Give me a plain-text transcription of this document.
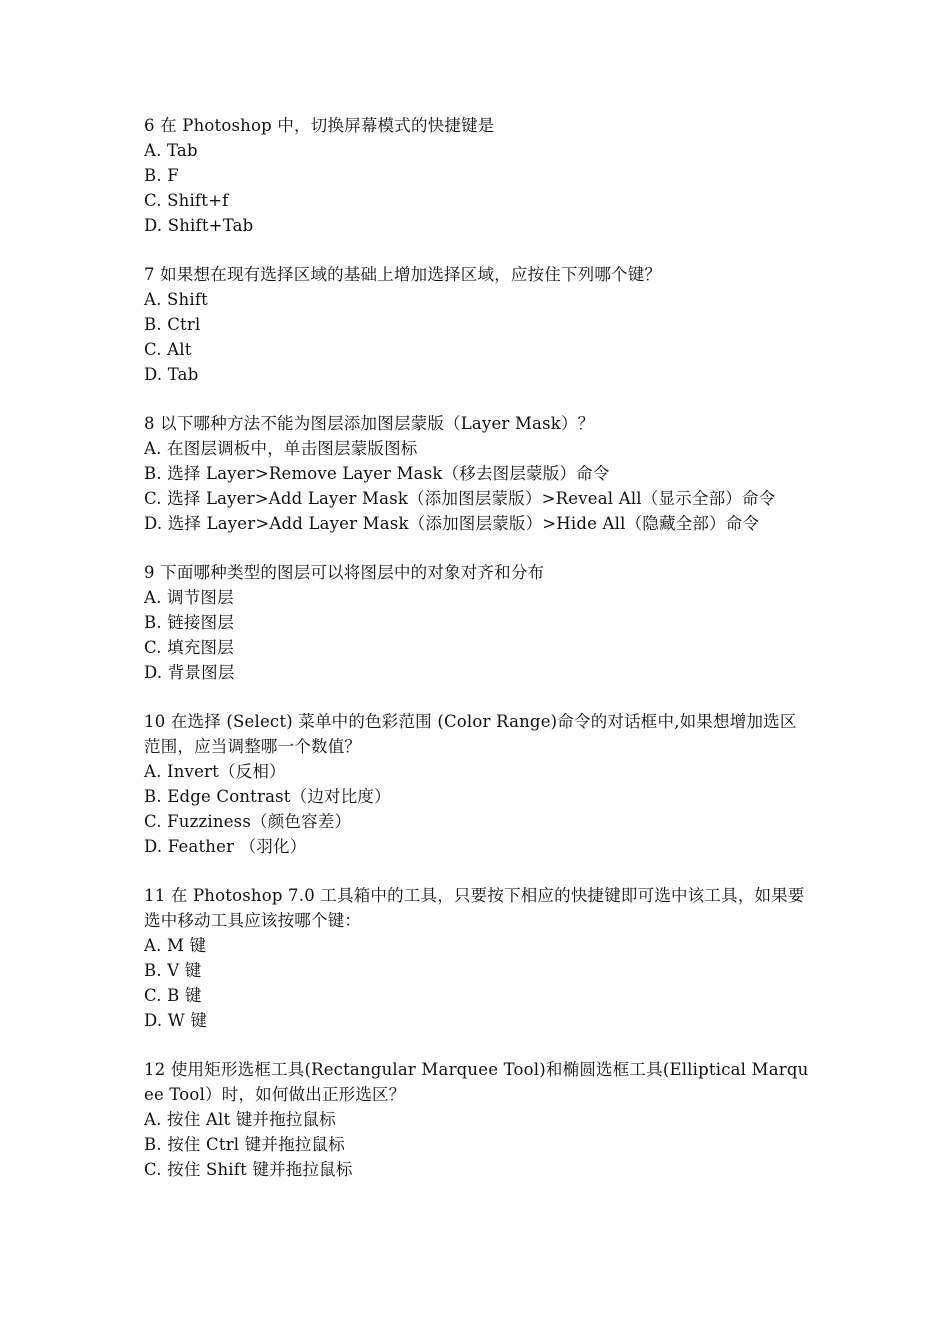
6 在 Photoshop 中，切换屏幕模式的快捷键是
A. Tab
B. F
C. Shift+f
D. Shift+Tab
7 如果想在现有选择区域的基础上增加选择区域，应按住下列哪个键？
A. Shift
B. Ctrl
C. Alt
D. Tab
8 以下哪种方法不能为图层添加图层蒙版（Layer Mask）？
A. 在图层调板中，单击图层蒙版图标
B. 选择 Layer>Remove Layer Mask（移去图层蒙版）命令
C. 选择 Layer>Add Layer Mask（添加图层蒙版）>Reveal All（显示全部）命令
D. 选择 Layer>Add Layer Mask（添加图层蒙版）>Hide All（隐藏全部）命令
9 下面哪种类型的图层可以将图层中的对象对齐和分布
A. 调节图层
B. 链接图层
C. 填充图层
D. 背景图层
10 在选择 (Select) 菜单中的色彩范围 (Color Range)命令的对话框中,如果想增加选区范围，应当调整哪一个数值？
A. Invert（反相）
B. Edge Contrast（边对比度）
C. Fuzziness（颜色容差）
D. Feather （羽化）
11 在 Photoshop 7.0 工具箱中的工具，只要按下相应的快捷键即可选中该工具，如果要选中移动工具应该按哪个键：
A. M 键
B. V 键
C. B 键
D. W 键
12 使用矩形选框工具(Rectangular Marquee Tool)和椭圆选框工具(Elliptical Marquee Tool）时，如何做出正形选区？
A. 按住 Alt 键并拖拉鼠标
B. 按住 Ctrl 键并拖拉鼠标
C. 按住 Shift 键并拖拉鼠标
